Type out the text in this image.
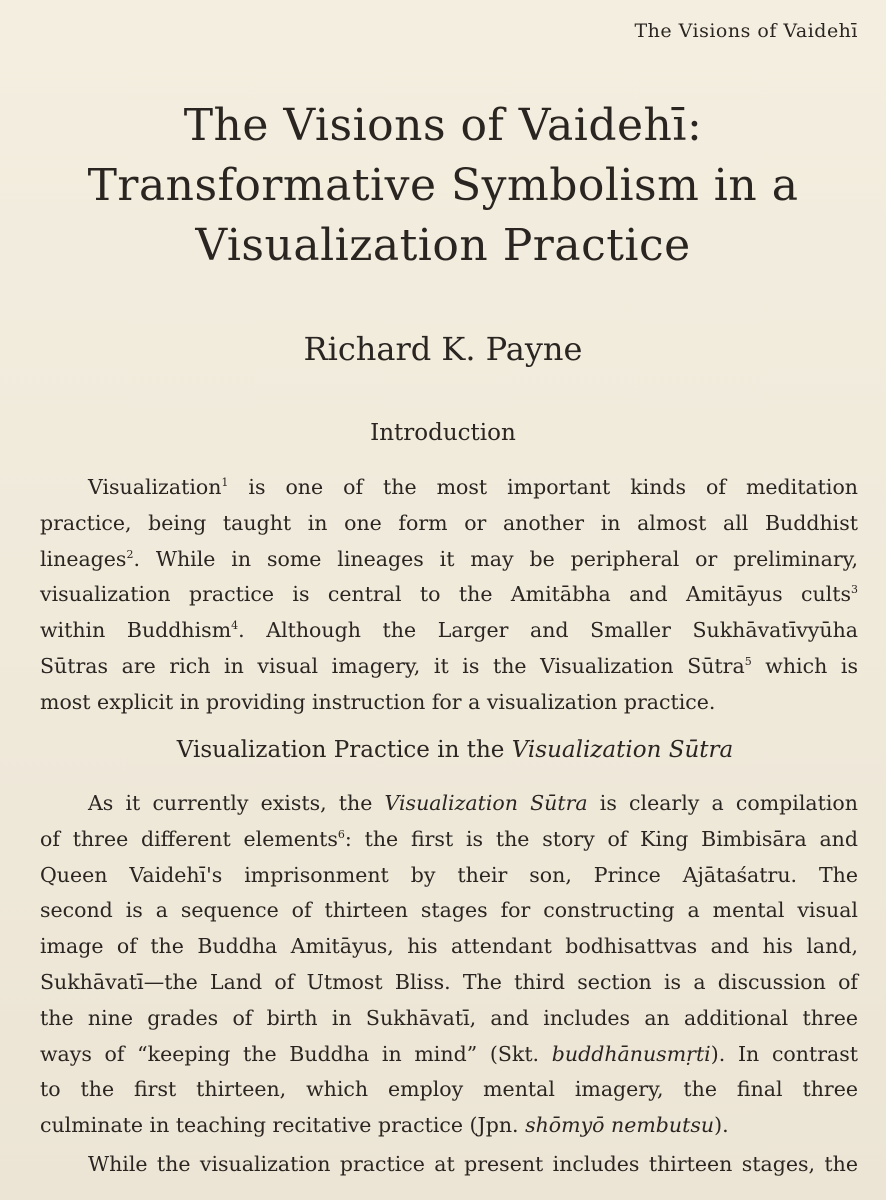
The Visions of Vaidehī
The Visions of Vaidehī:
Transformative Symbolism in a
Visualization Practice
Richard K. Payne
Introduction
Visualization$^1$ is one of the most important kinds of meditation
practice, being taught in one form or another in almost all Buddhist
lineages$^2$. While in some lineages it may be peripheral or preliminary,
visualization practice is central to the Amitābha and Amitāyus cults$^3$
within Buddhism$^4$. Although the Larger and Smaller Sukhāvatīvyūha
Sūtras are rich in visual imagery, it is the Visualization Sūtra$^5$ which is
most explicit in providing instruction for a visualization practice.
Visualization Practice in the Visualization Sūtra
As it currently exists, the Visualization Sūtra is clearly a compilation
of three different elements$^6$: the first is the story of King Bimbisāra and
Queen Vaidehī's imprisonment by their son, Prince Ajātaśatru. The
second is a sequence of thirteen stages for constructing a mental visual
image of the Buddha Amitāyus, his attendant bodhisattvas and his land,
Sukhāvatī—the Land of Utmost Bliss. The third section is a discussion of
the nine grades of birth in Sukhāvatī, and includes an additional three
ways of “keeping the Buddha in mind” (Skt. buddhānusmṛti). In contrast
to the first thirteen, which employ mental imagery, the final three
culminate in teaching recitative practice (Jpn. shōmyō nembutsu).
While the visualization practice at present includes thirteen stages, the
